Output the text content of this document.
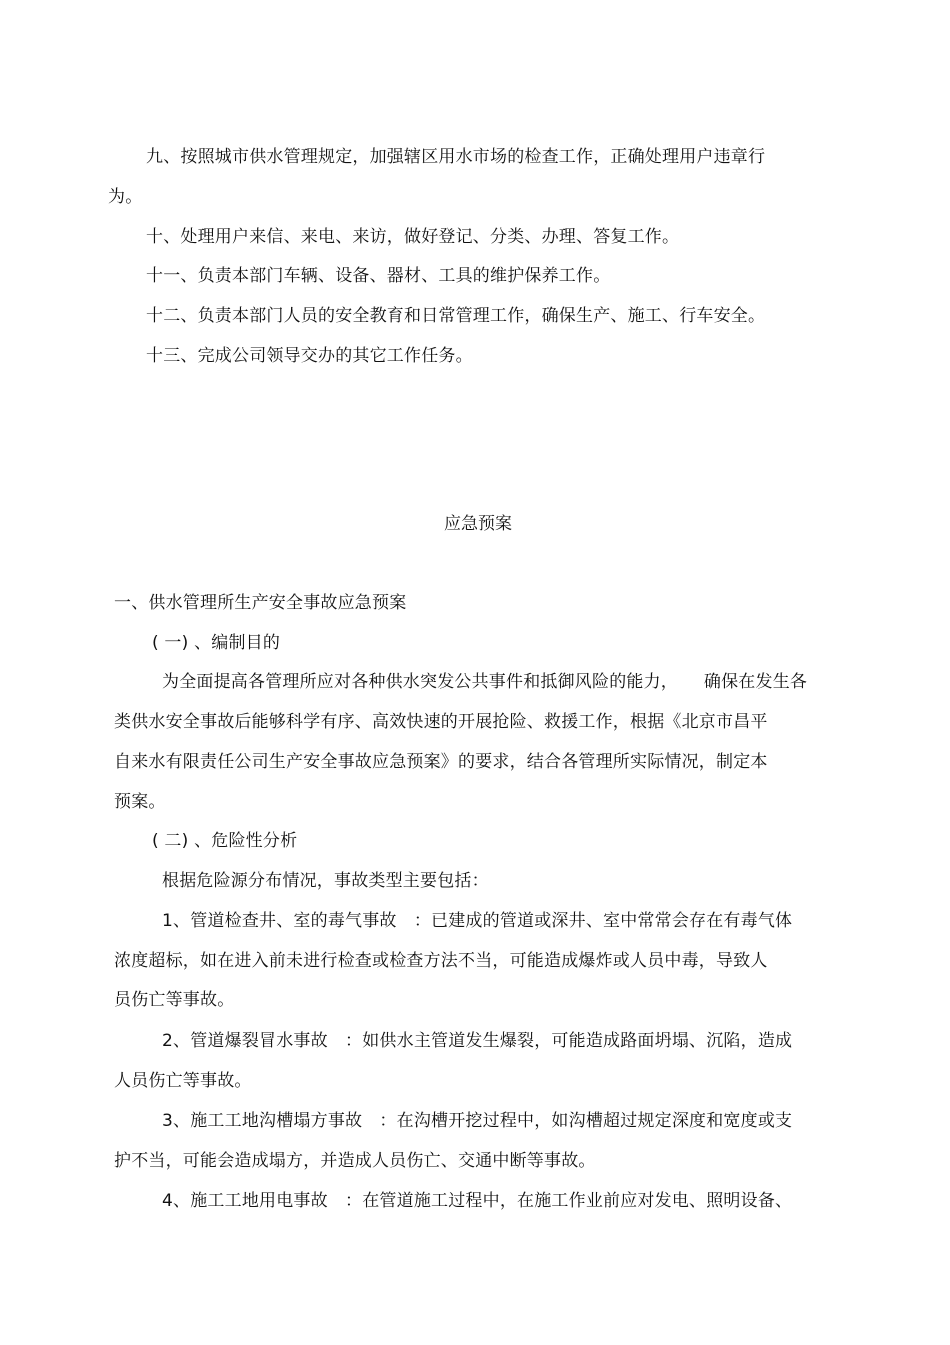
九、按照城市供水管理规定，加强辖区用水市场的检查工作，正确处理用户违章行
为。
十、处理用户来信、来电、来访，做好登记、分类、办理、答复工作。
十一、负责本部门车辆、设备、器材、工具的维护保养工作。
十二、负责本部门人员的安全教育和日常管理工作，确保生产、施工、行车安全。
十三、完成公司领导交办的其它工作任务。
应急预案
一、供水管理所生产安全事故应急预案
( 一) 、编制目的
为全面提高各管理所应对各种供水突发公共事件和抵御风险的能力，　　确保在发生各
类供水安全事故后能够科学有序、高效快速的开展抢险、救援工作，根据《北京市昌平
自来水有限责任公司生产安全事故应急预案》的要求，结合各管理所实际情况，制定本
预案。
( 二) 、危险性分析
根据危险源分布情况，事故类型主要包括：
1、管道检查井、室的毒气事故　：已建成的管道或深井、室中常常会存在有毒气体
浓度超标，如在进入前未进行检查或检查方法不当，可能造成爆炸或人员中毒，导致人
员伤亡等事故。
2、管道爆裂冒水事故　：如供水主管道发生爆裂，可能造成路面坍塌、沉陷，造成
人员伤亡等事故。
3、施工工地沟槽塌方事故　：在沟槽开挖过程中，如沟槽超过规定深度和宽度或支
护不当，可能会造成塌方，并造成人员伤亡、交通中断等事故。
4、施工工地用电事故　：在管道施工过程中，在施工作业前应对发电、照明设备、
